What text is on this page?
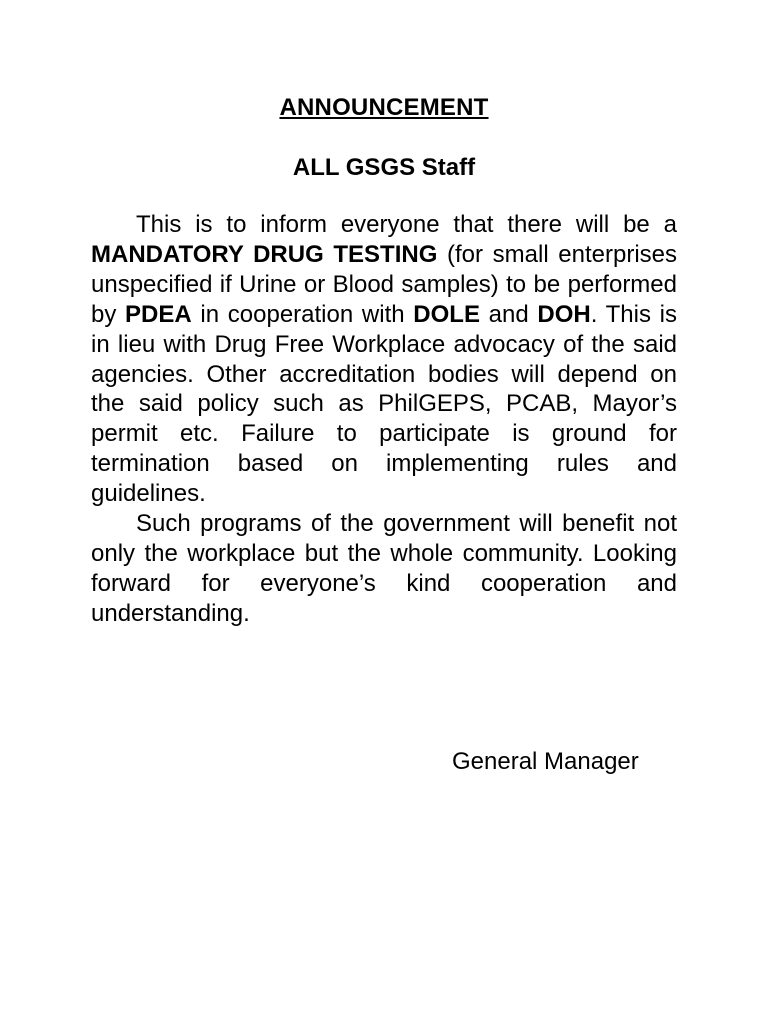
ANNOUNCEMENT
ALL GSGS Staff

This is to inform everyone that there will be a MANDATORY DRUG TESTING (for small enterprises unspecified if Urine or Blood samples) to be performed by PDEA in cooperation with DOLE and DOH. This is in lieu with Drug Free Workplace advocacy of the said agencies. Other accreditation bodies will depend on the said policy such as PhilGEPS, PCAB, Mayor’s permit etc. Failure to participate is ground for termination based on implementing rules and guidelines.

Such programs of the government will benefit not only the workplace but the whole community. Looking forward for everyone’s kind cooperation and understanding.

General Manager
